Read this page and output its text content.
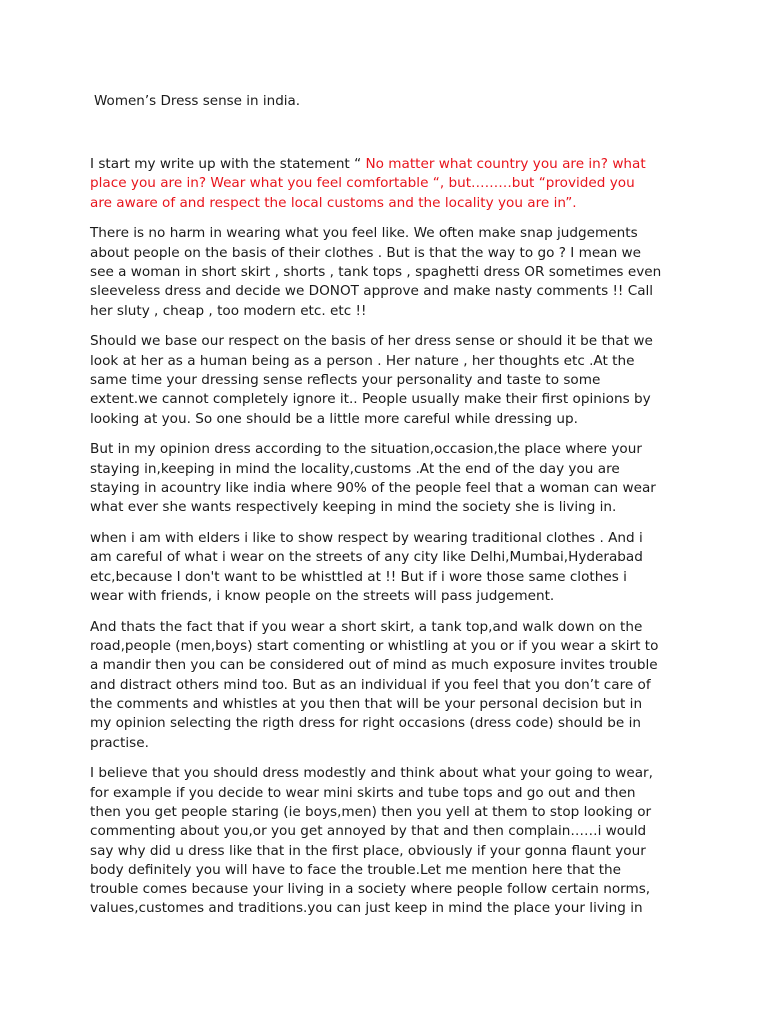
Women’s Dress sense in india.

I start my write up with the statement “ No matter what country you are in? what
place you are in? Wear what you feel comfortable “, but………but “provided you
are aware of and respect the local customs and the locality you are in”.

There is no harm in wearing what you feel like. We often make snap judgements
about people on the basis of their clothes . But is that the way to go ? I mean we
see a woman in short skirt , shorts , tank tops , spaghetti dress OR sometimes even
sleeveless dress and decide we DONOT approve and make nasty comments !! Call
her sluty , cheap , too modern etc. etc !!

Should we base our respect on the basis of her dress sense or should it be that we
look at her as a human being as a person . Her nature , her thoughts etc .At the
same time your dressing sense reflects your personality and taste to some
extent.we cannot completely ignore it.. People usually make their first opinions by
looking at you. So one should be a little more careful while dressing up.

But in my opinion dress according to the situation,occasion,the place where your
staying in,keeping in mind the locality,customs .At the end of the day you are
staying in acountry like india where 90% of the people feel that a woman can wear
what ever she wants respectively keeping in mind the society she is living in.

when i am with elders i like to show respect by wearing traditional clothes . And i
am careful of what i wear on the streets of any city like Delhi,Mumbai,Hyderabad
etc,because I don't want to be whisttled at !! But if i wore those same clothes i
wear with friends, i know people on the streets will pass judgement.

And thats the fact that if you wear a short skirt, a tank top,and walk down on the
road,people (men,boys) start comenting or whistling at you or if you wear a skirt to
a mandir then you can be considered out of mind as much exposure invites trouble
and distract others mind too. But as an individual if you feel that you don’t care of
the comments and whistles at you then that will be your personal decision but in
my opinion selecting the rigth dress for right occasions (dress code) should be in
practise.

I believe that you should dress modestly and think about what your going to wear,
for example if you decide to wear mini skirts and tube tops and go out and then
then you get people staring (ie boys,men) then you yell at them to stop looking or
commenting about you,or you get annoyed by that and then complain……i would
say why did u dress like that in the first place, obviously if your gonna flaunt your
body definitely you will have to face the trouble.Let me mention here that the
trouble comes because your living in a society where people follow certain norms,
values,customes and traditions.you can just keep in mind the place your living in
